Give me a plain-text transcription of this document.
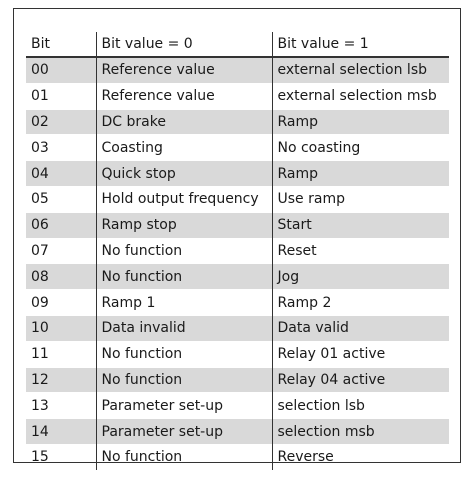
Bit	Bit value = 0	Bit value = 1
00	Reference value	external selection lsb
01	Reference value	external selection msb
02	DC brake	Ramp
03	Coasting	No coasting
04	Quick stop	Ramp
05	Hold output frequency	Use ramp
06	Ramp stop	Start
07	No function	Reset
08	No function	Jog
09	Ramp 1	Ramp 2
10	Data invalid	Data valid
11	No function	Relay 01 active
12	No function	Relay 04 active
13	Parameter set-up	selection lsb
14	Parameter set-up	selection msb
15	No function	Reverse
